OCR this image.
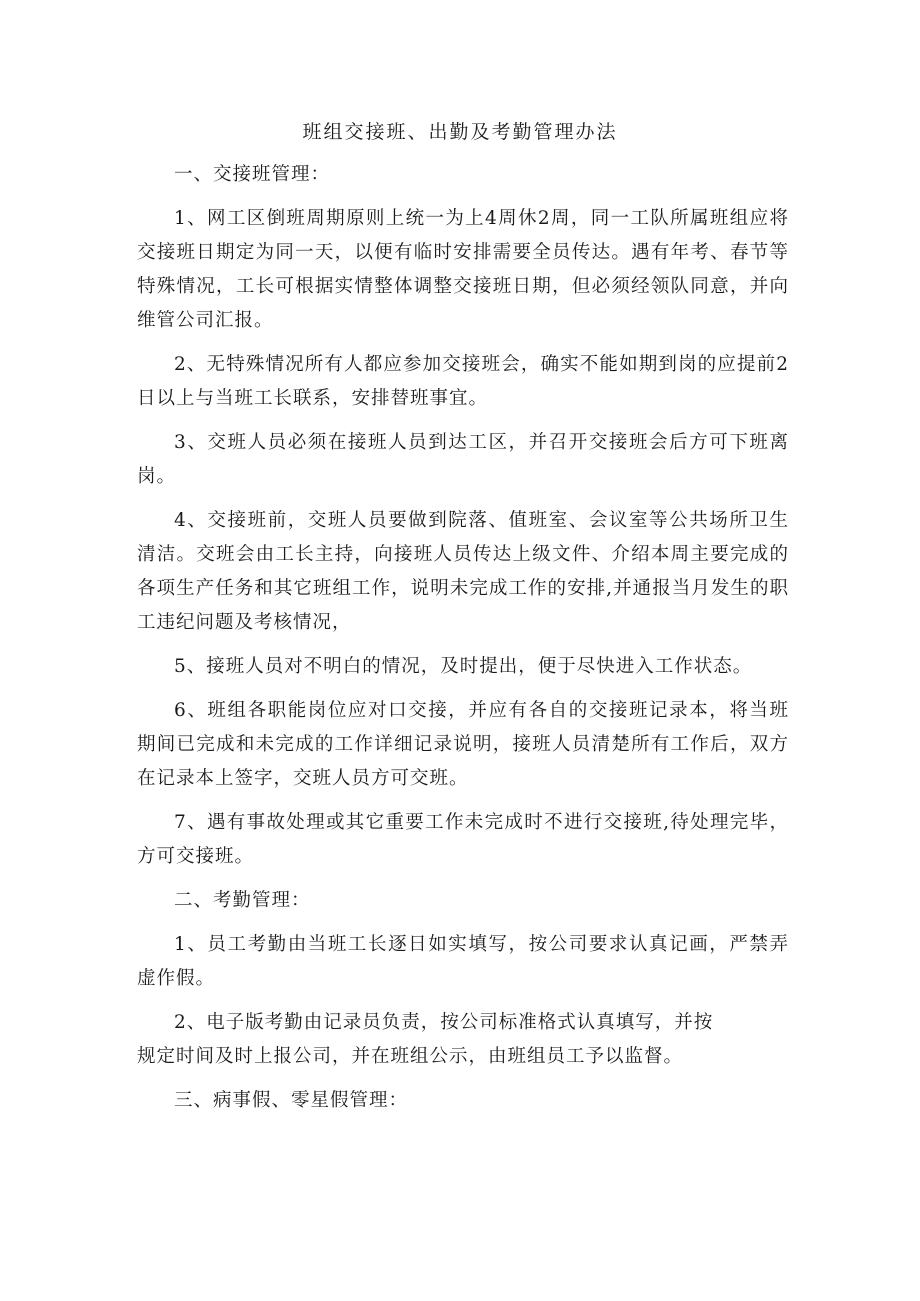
班组交接班、出勤及考勤管理办法

一、交接班管理：

1、网工区倒班周期原则上统一为上4周休2周，同一工队所属班组应将交接班日期定为同一天，以便有临时安排需要全员传达。遇有年考、春节等特殊情况，工长可根据实情整体调整交接班日期，但必须经领队同意，并向维管公司汇报。

2、无特殊情况所有人都应参加交接班会，确实不能如期到岗的应提前2日以上与当班工长联系，安排替班事宜。

3、交班人员必须在接班人员到达工区，并召开交接班会后方可下班离岗。

4、交接班前，交班人员要做到院落、值班室、会议室等公共场所卫生清洁。交班会由工长主持，向接班人员传达上级文件、介绍本周主要完成的各项生产任务和其它班组工作，说明未完成工作的安排,并通报当月发生的职工违纪问题及考核情况，

5、接班人员对不明白的情况，及时提出，便于尽快进入工作状态。

6、班组各职能岗位应对口交接，并应有各自的交接班记录本，将当班期间已完成和未完成的工作详细记录说明，接班人员清楚所有工作后，双方在记录本上签字，交班人员方可交班。

7、遇有事故处理或其它重要工作未完成时不进行交接班,待处理完毕，方可交接班。

二、考勤管理：

1、员工考勤由当班工长逐日如实填写，按公司要求认真记画，严禁弄虚作假。

2、电子版考勤由记录员负责，按公司标准格式认真填写，并按
规定时间及时上报公司，并在班组公示，由班组员工予以监督。

三、病事假、零星假管理：
